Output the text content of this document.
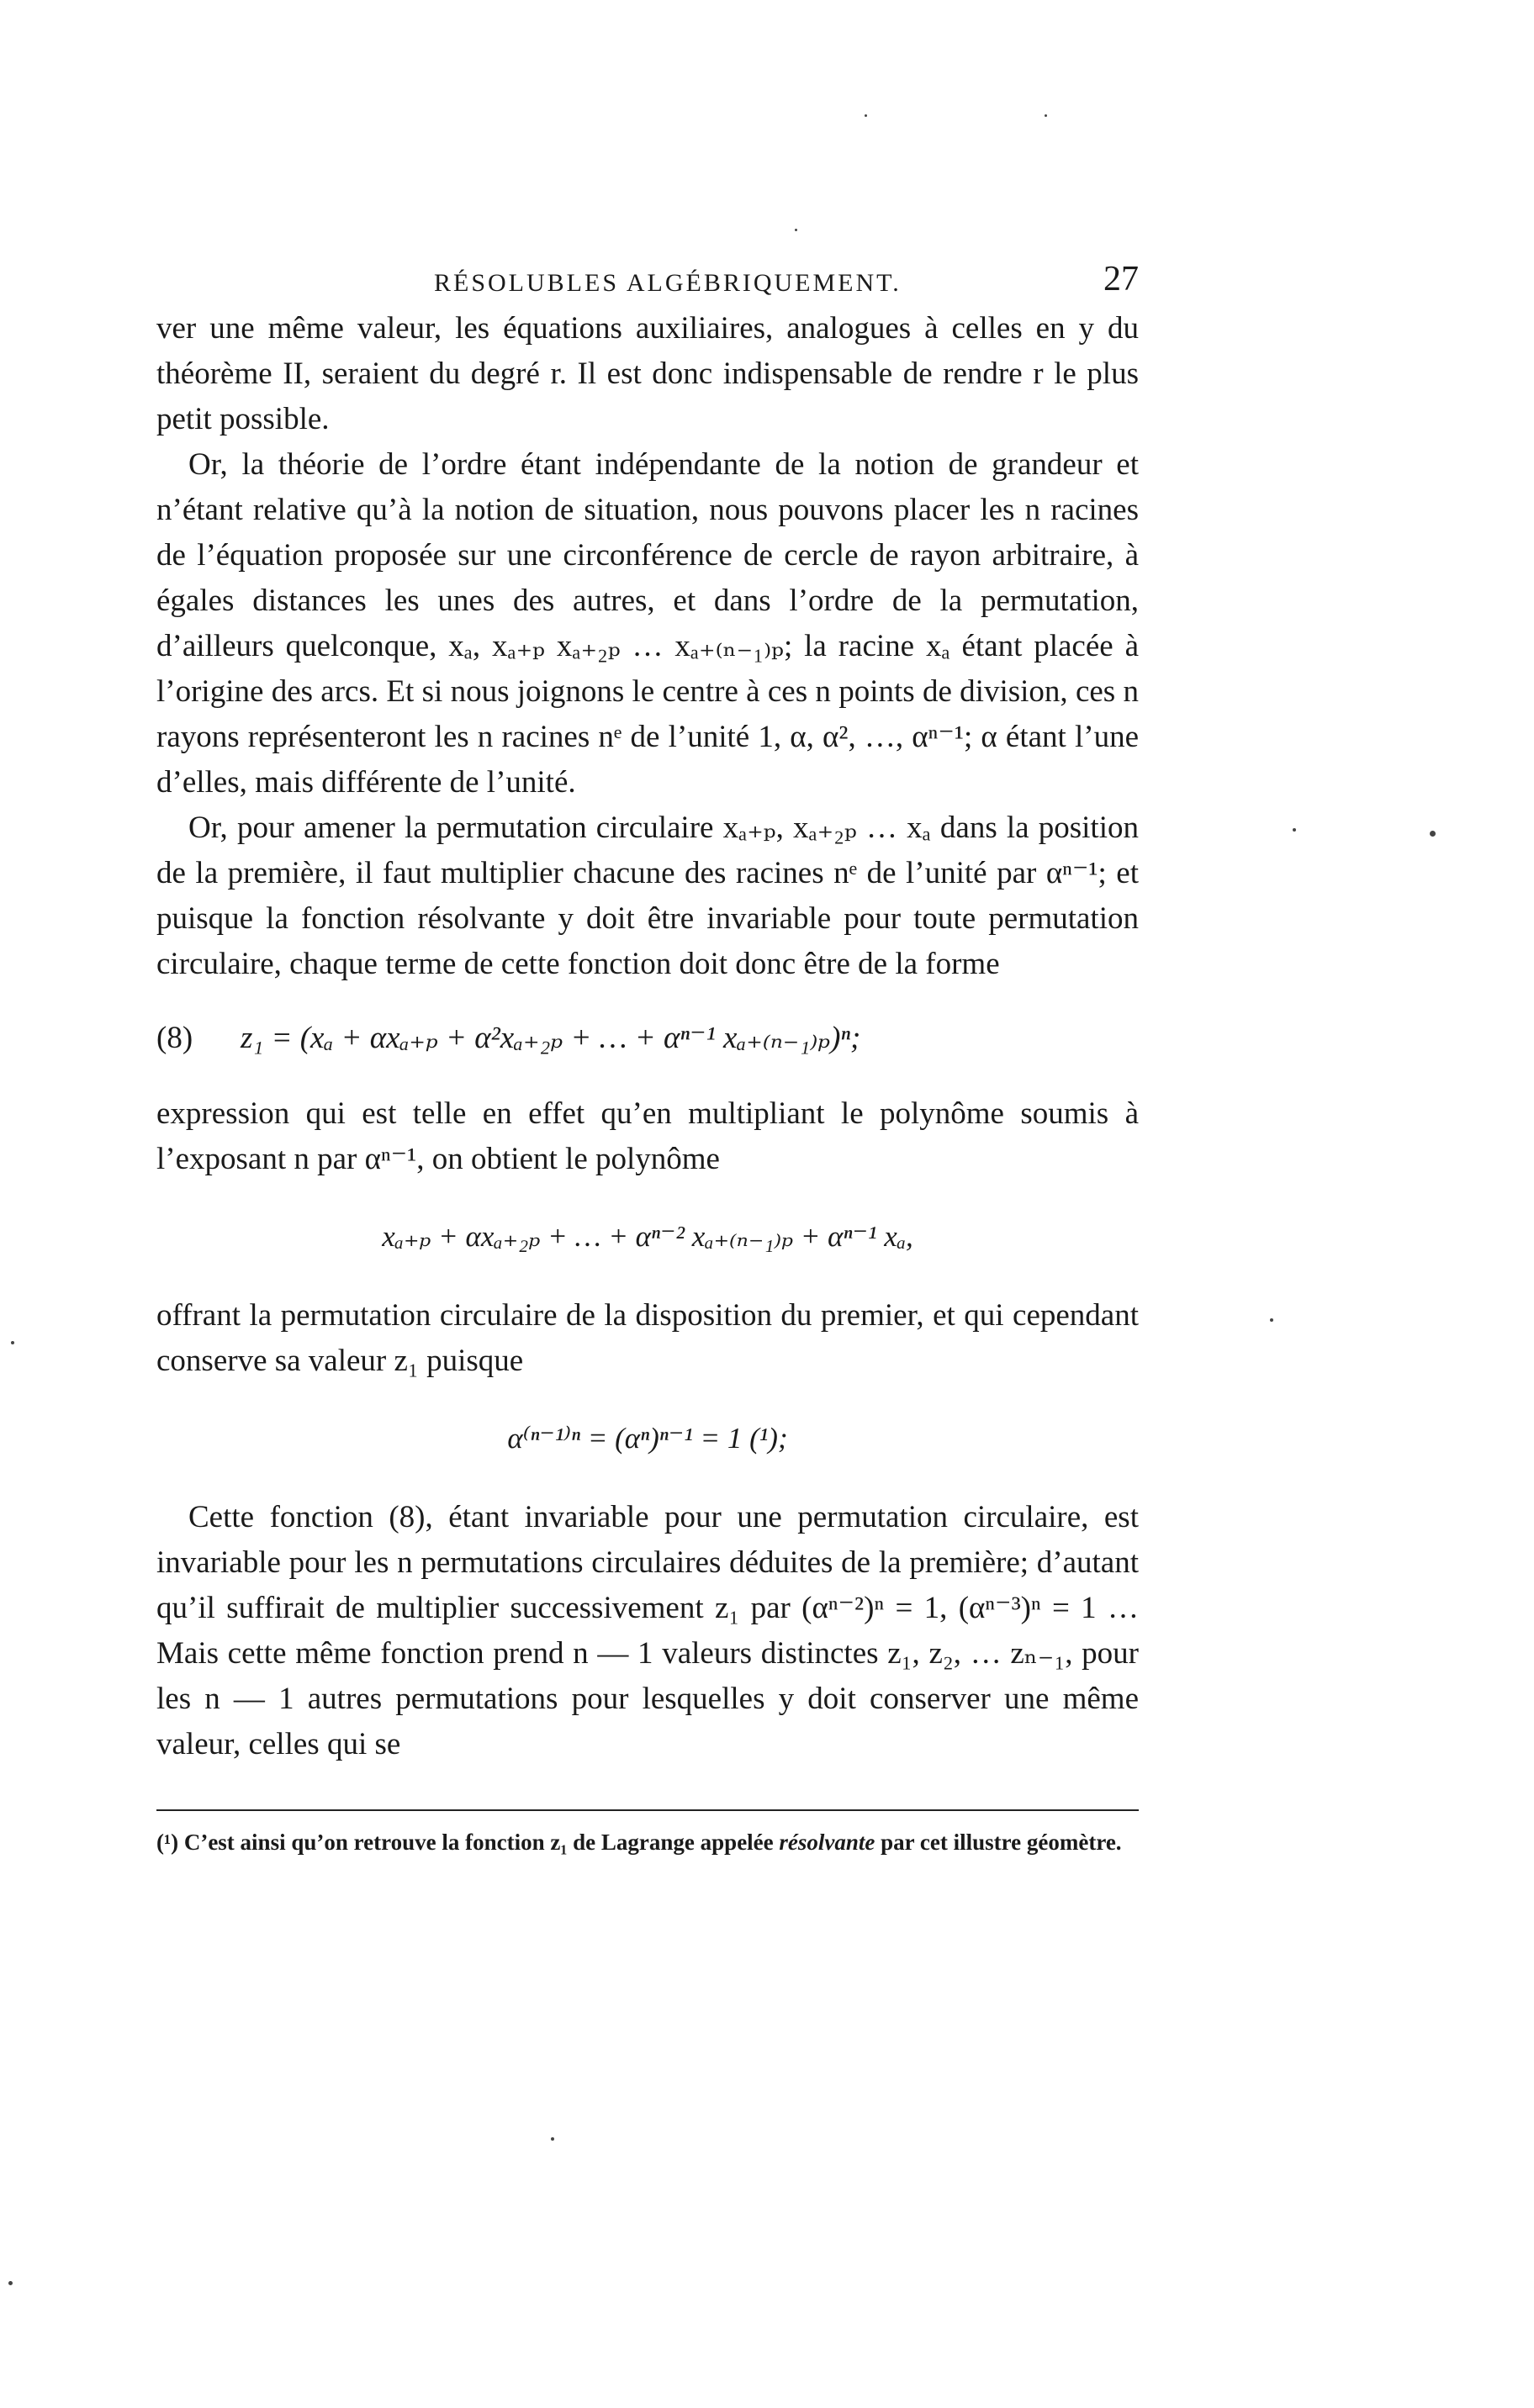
RÉSOLUBLES ALGÉBRIQUEMENT.	27

ver une même valeur, les équations auxiliaires, analogues à celles en y du théorème II, seraient du degré r. Il est donc indispensable de rendre r le plus petit possible.

Or, la théorie de l’ordre étant indépendante de la notion de grandeur et n’étant relative qu’à la notion de situation, nous pouvons placer les n racines de l’équation proposée sur une circonférence de cercle de rayon arbitraire, à égales distances les unes des autres, et dans l’ordre de la permutation, d’ailleurs quelconque, xₐ, xₐ₊ₚ xₐ₊₂ₚ … xₐ₊₍ₙ₋₁₎ₚ; la racine xₐ étant placée à l’origine des arcs. Et si nous joignons le centre à ces n points de division, ces n rayons représenteront les n racines nᵉ de l’unité 1, α, α², …, αⁿ⁻¹; α étant l’une d’elles, mais différente de l’unité.

Or, pour amener la permutation circulaire xₐ₊ₚ, xₐ₊₂ₚ … xₐ dans la position de la première, il faut multiplier chacune des racines nᵉ de l’unité par αⁿ⁻¹; et puisque la fonction résolvante y doit être invariable pour toute permutation circulaire, chaque terme de cette fonction doit donc être de la forme

(8)	z₁ = (xₐ + αxₐ₊ₚ + α²xₐ₊₂ₚ + … + αⁿ⁻¹ xₐ₊₍ₙ₋₁₎ₚ)ⁿ;

expression qui est telle en effet qu’en multipliant le polynôme soumis à l’exposant n par αⁿ⁻¹, on obtient le polynôme

xₐ₊ₚ + αxₐ₊₂ₚ + … + αⁿ⁻² xₐ₊₍ₙ₋₁₎ₚ + αⁿ⁻¹ xₐ,

offrant la permutation circulaire de la disposition du premier, et qui cependant conserve sa valeur z₁ puisque

α⁽ⁿ⁻¹⁾ⁿ = (αⁿ)ⁿ⁻¹ = 1 (¹);

Cette fonction (8), étant invariable pour une permutation circulaire, est invariable pour les n permutations circulaires déduites de la première; d’autant qu’il suffirait de multiplier successivement z₁ par (αⁿ⁻²)ⁿ = 1, (αⁿ⁻³)ⁿ = 1 … Mais cette même fonction prend n — 1 valeurs distinctes z₁, z₂, … zₙ₋₁, pour les n — 1 autres permutations pour lesquelles y doit conserver une même valeur, celles qui se

(¹) C’est ainsi qu’on retrouve la fonction z₁ de Lagrange appelée résolvante par cet illustre géomètre.
